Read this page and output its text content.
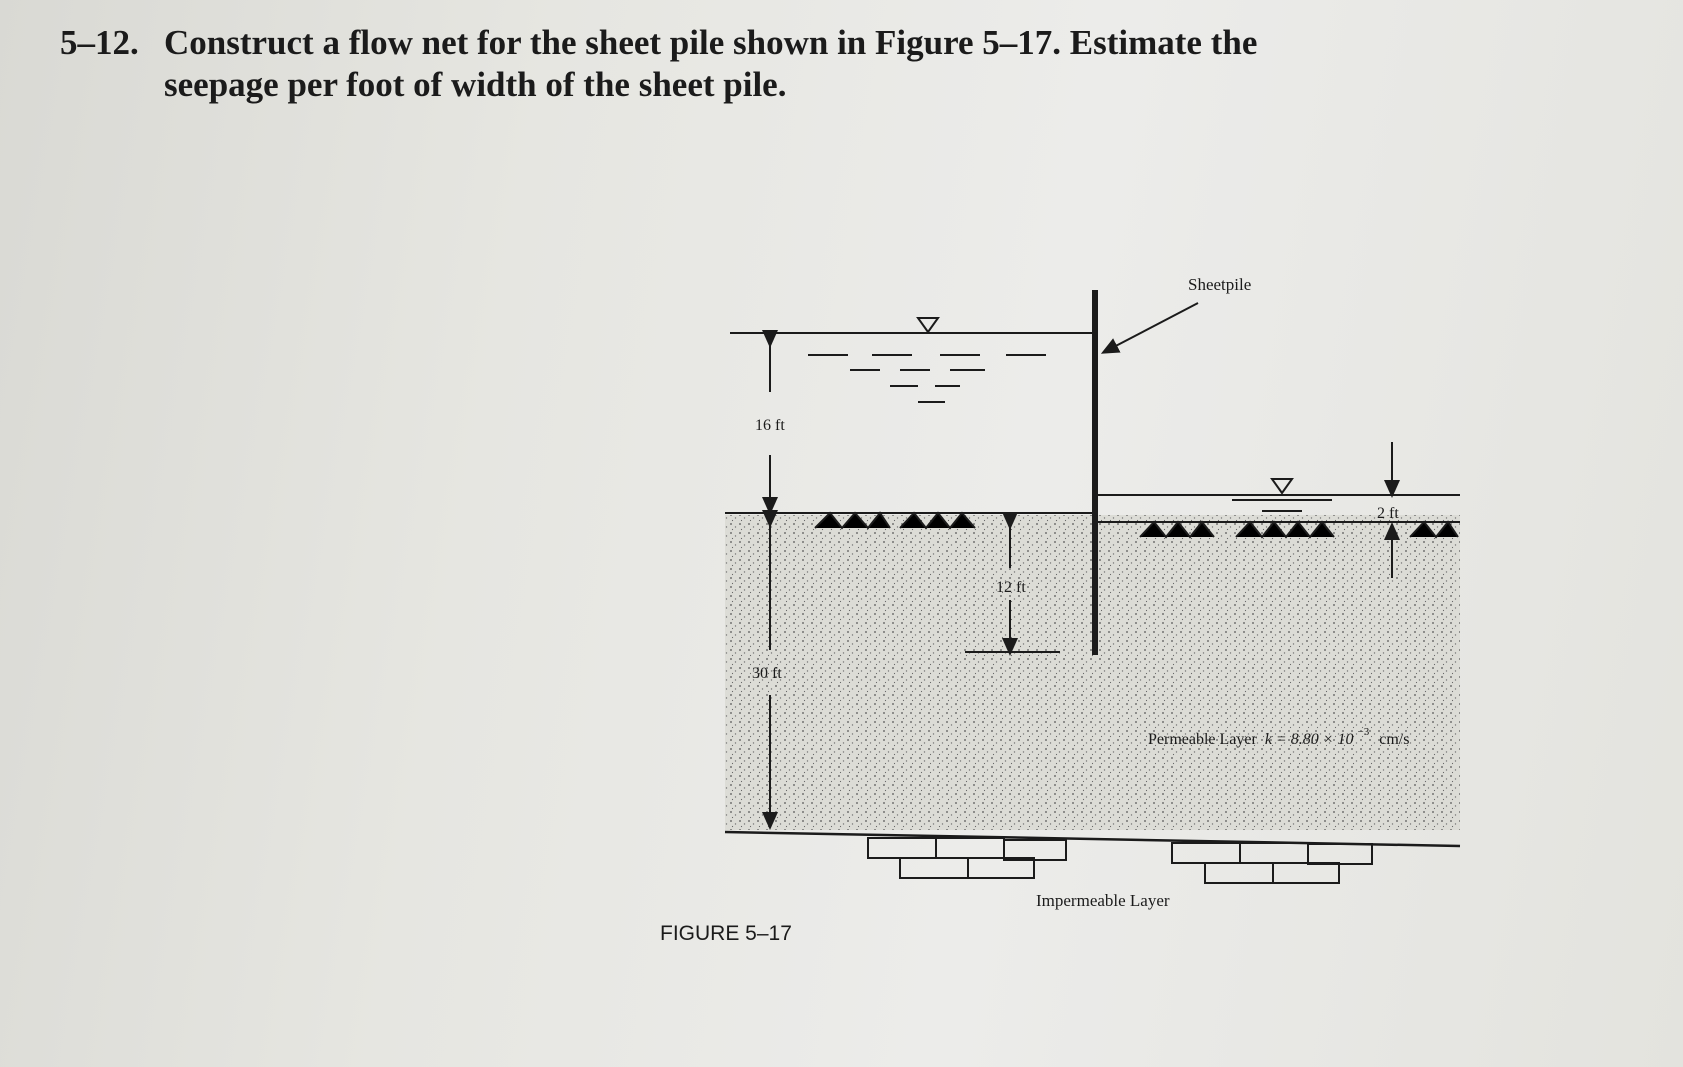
5–12. Construct a flow net for the sheet pile shown in Figure 5–17. Estimate the seepage per foot of width of the sheet pile.
Sheetpile
16 ft
30 ft
12 ft
2 ft
Permeable Layer k = 8.80 × 10 $^{-3}$ cm/s
Impermeable Layer
FIGURE 5–17
